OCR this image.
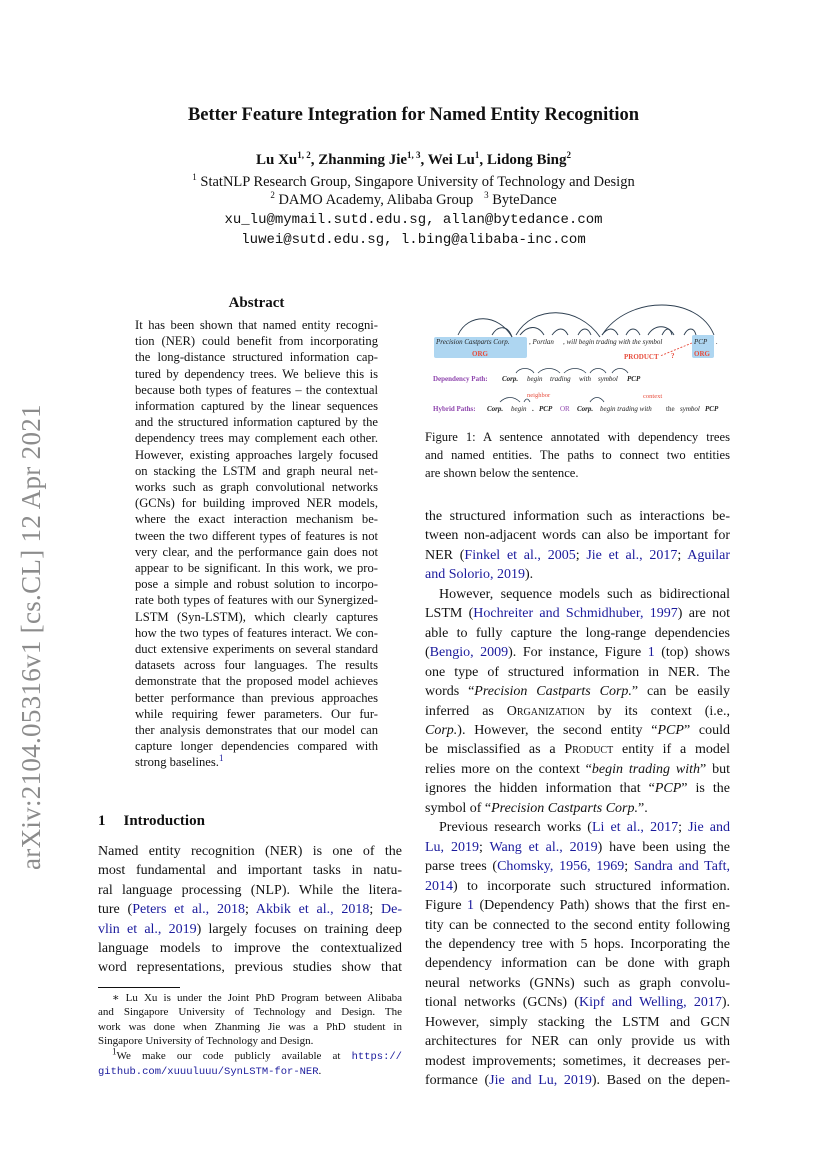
arXiv:2104.05316v1 [cs.CL] 12 Apr 2021
Better Feature Integration for Named Entity Recognition
Lu Xu$^{1, 2}$, Zhanming Jie$^{1, 3}$, Wei Lu$^1$, Lidong Bing$^2$
$^1$ StatNLP Research Group, Singapore University of Technology and Design
$^2$ DAMO Academy, Alibaba Group $^3$ ByteDance
xu_lu@mymail.sutd.edu.sg, allan@bytedance.com
luwei@sutd.edu.sg, l.bing@alibaba-inc.com
Abstract
It has been shown that named entity recogni-
tion (NER) could benefit from incorporating
the long-distance structured information cap-
tured by dependency trees. We believe this is
because both types of features – the contextual
information captured by the linear sequences
and the structured information captured by the
dependency trees may complement each other.
However, existing approaches largely focused
on stacking the LSTM and graph neural net-
works such as graph convolutional networks
(GCNs) for building improved NER models,
where the exact interaction mechanism be-
tween the two different types of features is not
very clear, and the performance gain does not
appear to be significant. In this work, we pro-
pose a simple and robust solution to incorpo-
rate both types of features with our Synergized-
LSTM (Syn-LSTM), which clearly captures
how the two types of features interact. We con-
duct extensive experiments on several standard
datasets across four languages. The results
demonstrate that the proposed model achieves
better performance than previous approaches
while requiring fewer parameters. Our fur-
ther analysis demonstrates that our model can
capture longer dependencies compared with
strong baselines.$^1$
1 Introduction
Named entity recognition (NER) is one of the
most fundamental and important tasks in natu-
ral language processing (NLP). While the litera-
ture (Peters et al., 2018; Akbik et al., 2018; De-
vlin et al., 2019) largely focuses on training deep
language models to improve the contextualized
word representations, previous studies show that
∗ Lu Xu is under the Joint PhD Program between Alibaba
and Singapore University of Technology and Design. The
work was done when Zhanming Jie was a PhD student in
Singapore University of Technology and Design.
$^1$We make our code publicly available at https://
github.com/xuuuluuu/SynLSTM-for-NER.
Precision Castparts Corp.	, Portlan , will begin trading with the symbol	PCP .
ORG	PRODUCT ?	ORG
Dependency Path: Corp. begin trading with symbol PCP
Hybrid Paths: Corp. begin . PCP OR Corp. begin trading with the symbol PCP
neighbor	context
Figure 1: A sentence annotated with dependency trees
and named entities. The paths to connect two entities
are shown below the sentence.
the structured information such as interactions be-
tween non-adjacent words can also be important for
NER (Finkel et al., 2005; Jie et al., 2017; Aguilar
and Solorio, 2019).
However, sequence models such as bidirectional
LSTM (Hochreiter and Schmidhuber, 1997) are not
able to fully capture the long-range dependencies
(Bengio, 2009). For instance, Figure 1 (top) shows
one type of structured information in NER. The
words “Precision Castparts Corp.” can be easily
inferred as Organization by its context (i.e.,
Corp.). However, the second entity “PCP” could
be misclassified as a Product entity if a model
relies more on the context “begin trading with” but
ignores the hidden information that “PCP” is the
symbol of “Precision Castparts Corp.”.
Previous research works (Li et al., 2017; Jie and
Lu, 2019; Wang et al., 2019) have been using the
parse trees (Chomsky, 1956, 1969; Sandra and Taft,
2014) to incorporate such structured information.
Figure 1 (Dependency Path) shows that the first en-
tity can be connected to the second entity following
the dependency tree with 5 hops. Incorporating the
dependency information can be done with graph
neural networks (GNNs) such as graph convolu-
tional networks (GCNs) (Kipf and Welling, 2017).
However, simply stacking the LSTM and GCN
architectures for NER can only provide us with
modest improvements; sometimes, it decreases per-
formance (Jie and Lu, 2019). Based on the depen-
